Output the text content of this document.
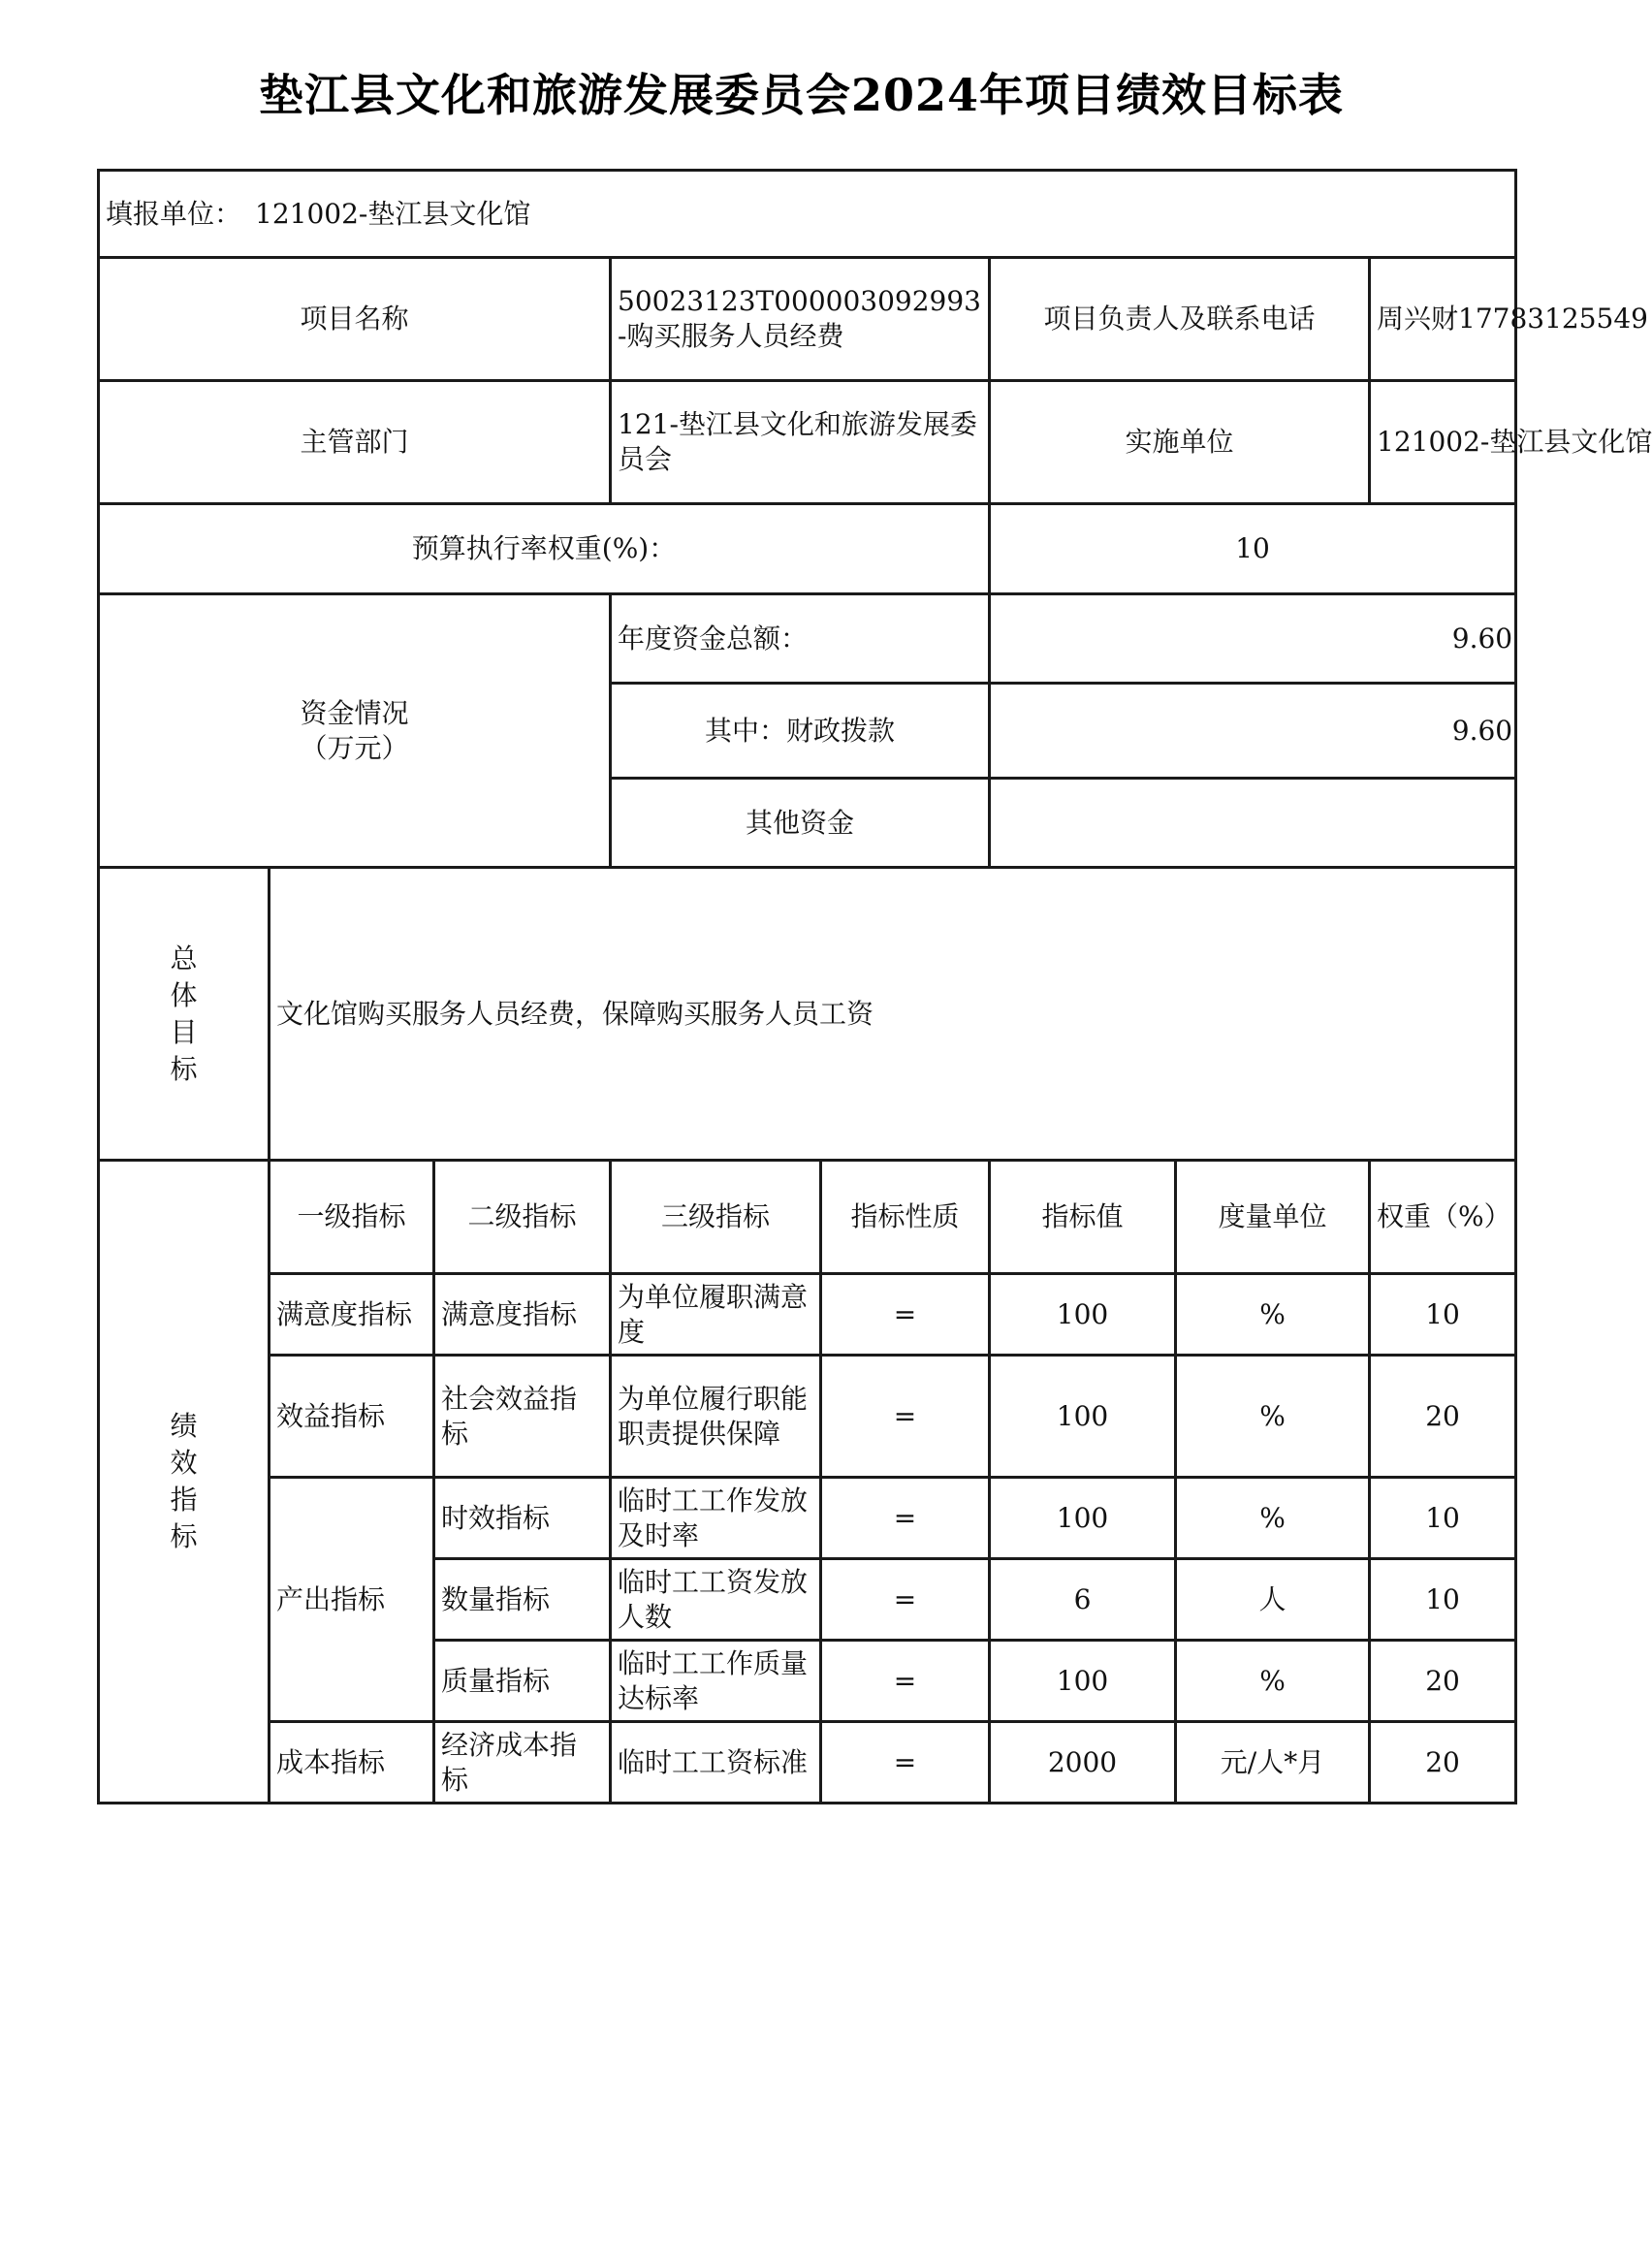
垫江县文化和旅游发展委员会2024年项目绩效目标表
填报单位：　121002-垫江县文化馆							
项目名称			50023123T000003092993-购买服务人员经费		项目负责人及联系电话		周兴财17783125549
主管部门			121-垫江县文化和旅游发展委员会		实施单位		121002-垫江县文化馆
预算执行率权重(%)：					10		

资金情况
（万元）			年度资金总额：		9.60		
			其中：财政拨款		9.60		
			其他资金				

总
体
目
标	文化馆购买服务人员经费，保障购买服务人员工资						

绩
效
指
标	一级指标	二级指标	三级指标	指标性质	指标值	度量单位	权重（%）
	满意度指标	满意度指标	为单位履职满意度	=	100	%	10
	效益指标	社会效益指标	为单位履行职能职责提供保障	=	100	%	20
	产出指标	时效指标	临时工工作发放及时率	=	100	%	10
		数量指标	临时工工资发放人数	=	6	人	10
		质量指标	临时工工作质量达标率	=	100	%	20
	成本指标	经济成本指标	临时工工资标准	=	2000	元/人*月	20
